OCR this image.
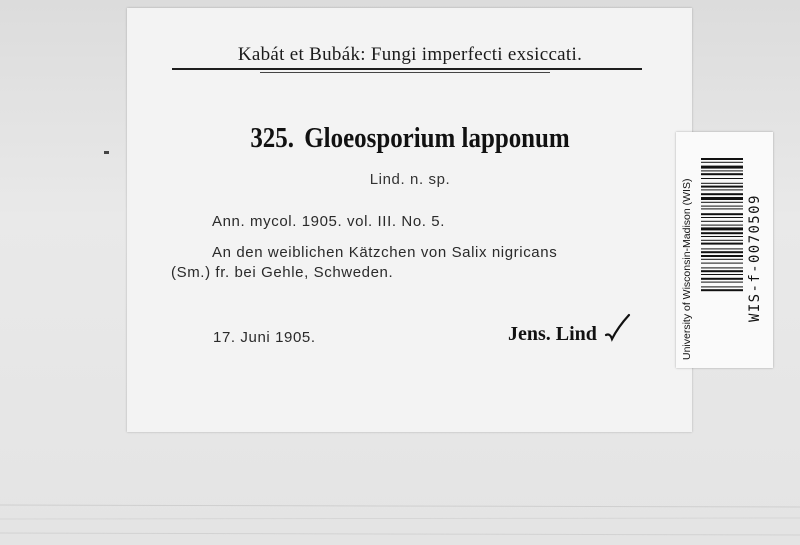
Kabát et Bubák: Fungi imperfecti exsiccati.
325. Gloeosporium lapponum
Lind. n. sp.
Ann. mycol. 1905. vol. III. No. 5.
An den weiblichen Kätzchen von Salix nigricans
(Sm.) fr. bei Gehle, Schweden.
17. Juni 1905.	Jens. Lind	University of Wisconsin-Madison (WIS)	WIS-f-0070509
